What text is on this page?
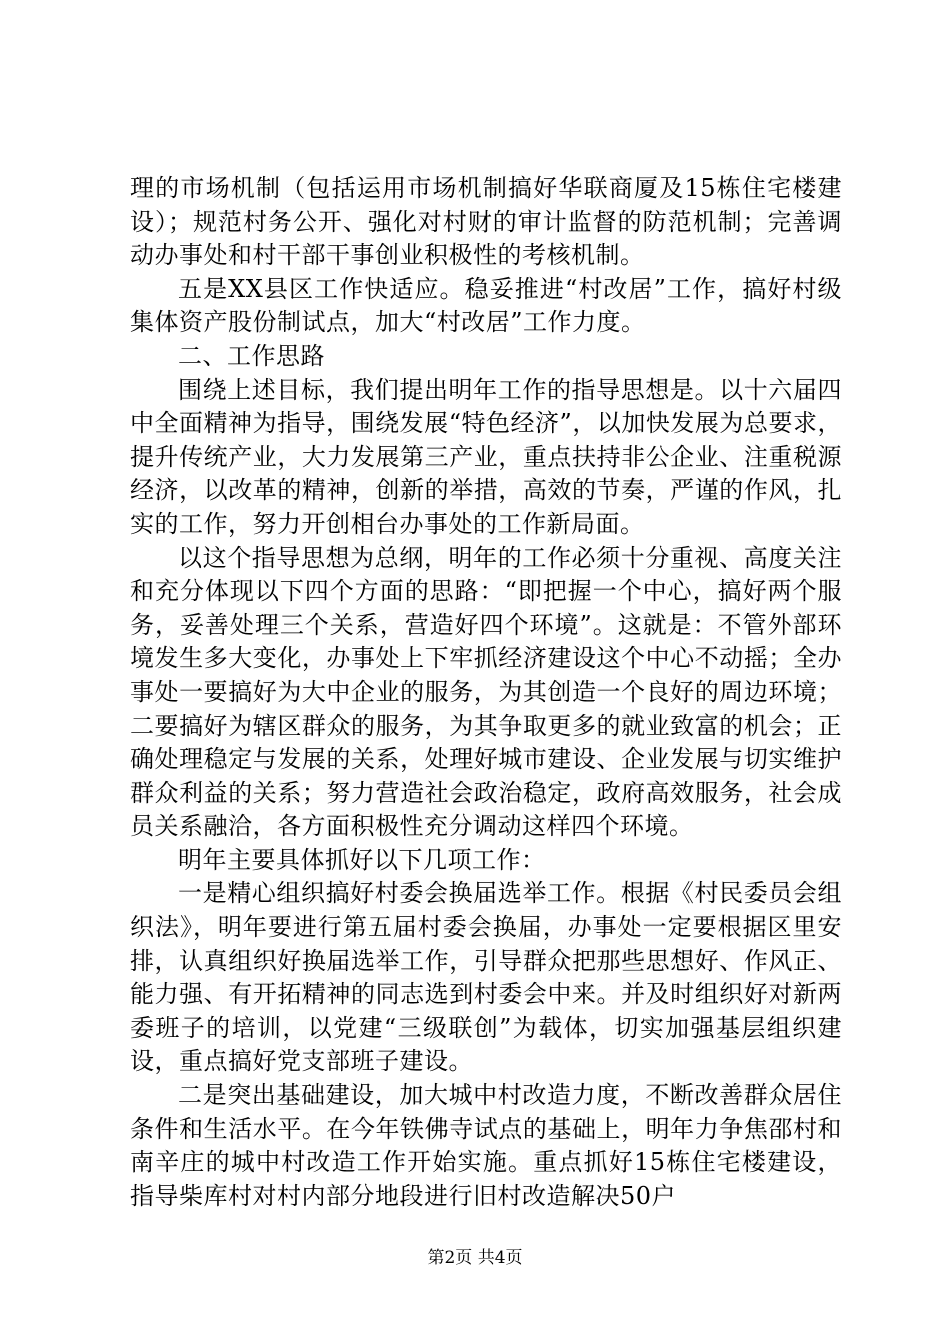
理的市场机制（包括运用市场机制搞好华联商厦及15栋住宅楼建设）；规范村务公开、强化对村财的审计监督的防范机制；完善调动办事处和村干部干事创业积极性的考核机制。

五是XX县区工作快适应。稳妥推进“村改居”工作，搞好村级集体资产股份制试点，加大“村改居”工作力度。

二、工作思路

围绕上述目标，我们提出明年工作的指导思想是。以十六届四中全面精神为指导，围绕发展“特色经济”，以加快发展为总要求，提升传统产业，大力发展第三产业，重点扶持非公企业、注重税源经济，以改革的精神，创新的举措，高效的节奏，严谨的作风，扎实的工作，努力开创相台办事处的工作新局面。

以这个指导思想为总纲，明年的工作必须十分重视、高度关注和充分体现以下四个方面的思路：“即把握一个中心，搞好两个服务，妥善处理三个关系，营造好四个环境”。这就是：不管外部环境发生多大变化，办事处上下牢抓经济建设这个中心不动摇；全办事处一要搞好为大中企业的服务，为其创造一个良好的周边环境；二要搞好为辖区群众的服务，为其争取更多的就业致富的机会；正确处理稳定与发展的关系，处理好城市建设、企业发展与切实维护群众利益的关系；努力营造社会政治稳定，政府高效服务，社会成员关系融洽，各方面积极性充分调动这样四个环境。

明年主要具体抓好以下几项工作：

一是精心组织搞好村委会换届选举工作。根据《村民委员会组织法》，明年要进行第五届村委会换届，办事处一定要根据区里安排，认真组织好换届选举工作，引导群众把那些思想好、作风正、能力强、有开拓精神的同志选到村委会中来。并及时组织好对新两委班子的培训，以党建“三级联创”为载体，切实加强基层组织建设，重点搞好党支部班子建设。

二是突出基础建设，加大城中村改造力度，不断改善群众居住条件和生活水平。在今年铁佛寺试点的基础上，明年力争焦邵村和南辛庄的城中村改造工作开始实施。重点抓好15栋住宅楼建设，指导柴库村对村内部分地段进行旧村改造解决50户

第2页 共4页
